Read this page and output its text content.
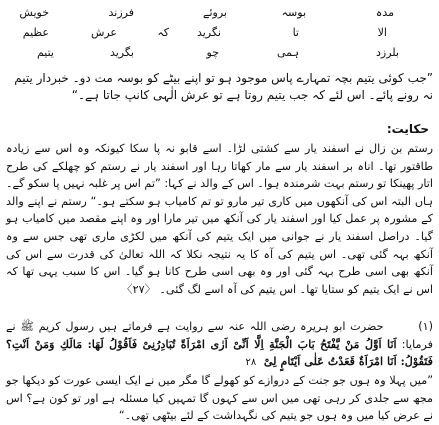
مدہ
بوسہ
بروئے
فرزند
خویش
الا
تا
نگرید
کہ
عرش
عظیم
بلرزد
ہمی
چو
بگرید
یتیم
”جب کوئی یتیم بچہ تمہارے پاس موجود ہو تو اپنے بیٹے کو بوسہ مت دو۔ خبردار یتیم نہ رونے پائے۔ اس لئے کہ جب یتیم روتا ہے تو عرش الٰہی کانپ جاتا ہے۔“
حکایت:

رستم بن زال نے اسفند یار سے کشتی لڑا۔ اسے قابو نہ پا سکا کیونکہ وہ اس سے زیادہ طاقتور تھا۔ اناہ بر اسفند یار سے مار کھاتا رہا اور اسفند یار نے رستم کو چھلکے کی طرح اتار پھینکا تو رستم بہت شرمندہ ہوا۔ اس کے والد نے کہا: ”تم اس پر غلبہ نہیں پا سکو گے۔ ہاں البتہ اس کی آنکھوں میں کاری تیر مارو تو تم کامیاب ہو سکتے ہو۔“ رستم نے اپنے والد کے مشورہ پر عمل کیا اور اسفند یار کی آنکھ میں تیر مارا اور وہ اپنے مقصد میں کامیاب ہو گیا۔ دراصل اسفند یار نے جوانی میں ایک یتیم کی آنکھ میں لکڑی ماری تھی جس سے وہ آنکھ بہہ گئی تھی۔ اس یتیم کی آہ کا یہ نتیجہ نکلا کہ اللہ تعالیٰ کی قدرت سے اس کی آنکھ بھی اسی طرح بہہ گئی اور وہ بھی اسی طرح کانا ہو گیا۔ اس کا سبب یہی تھا کہ اس نے ایک یتیم کو ستایا تھا۔ اس یتیم کی آہ اسے لگ گئی۔ 〈۲۷〉

(۱) حضرت ابو ہریرہ رضی اللہ عنہ سے روایت ہے فرماتے ہیں رسول کریم ﷺ نے فرمایا: اَنَا اَوَّلُ مَنْ یَّفْتَحُ بَابَ الْجَنَّةِ اِلَّا اَنِّیْ اَرٰی امْرَاَةً تُبَادِرُنِیْ فَاَقُوْلُ لَهَا: مَالَكِ وَمَنْ اَنْتِ؟ فَتَقُوْلُ: اَنَا امْرَاَةٌ قَعَدْتُ عَلٰی اَیْتَامٍ لِیْ ۲۸
”میں پہلا وہ ہوں جو جنت کے دروازے کو کھولے گا مگر میں نے ایک ایسی عورت کو دیکھا جو مجھ سے جلدی کر رہی تھی میں اس سے کہوں گا تمہیں کیا مسئلہ ہے اور تو کون ہے؟ اس نے عرض کیا میں وہ ہوں جو یتیم کی نگہداشت کے لئے بیٹھی تھی۔“
